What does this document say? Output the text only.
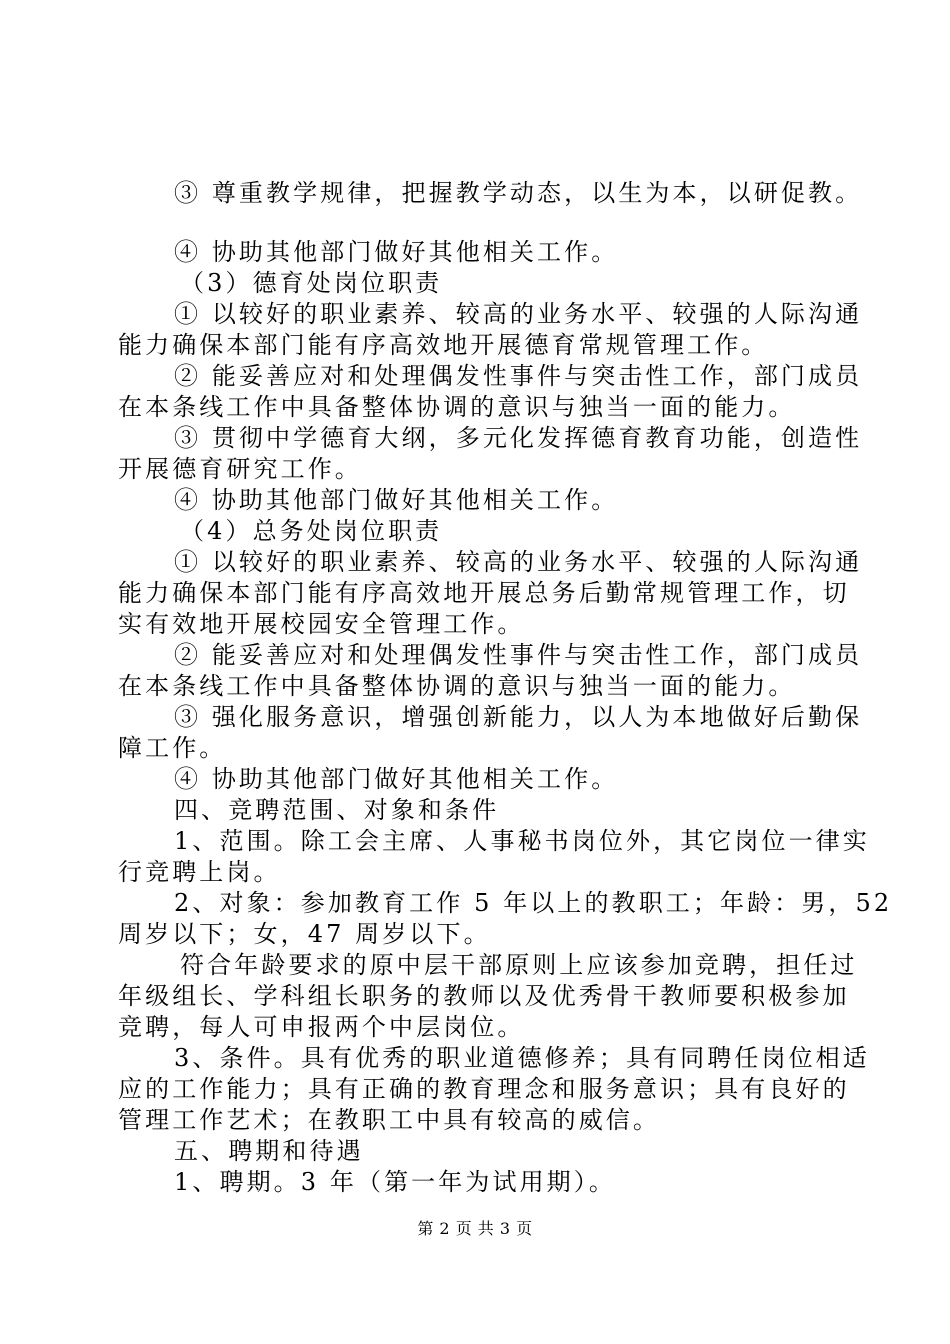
③ 尊重教学规律，把握教学动态，以生为本，以研促教。
④ 协助其他部门做好其他相关工作。
（3）德育处岗位职责
① 以较好的职业素养、较高的业务水平、较强的人际沟通
能力确保本部门能有序高效地开展德育常规管理工作。
② 能妥善应对和处理偶发性事件与突击性工作，部门成员
在本条线工作中具备整体协调的意识与独当一面的能力。
③ 贯彻中学德育大纲，多元化发挥德育教育功能，创造性
开展德育研究工作。
④ 协助其他部门做好其他相关工作。
（4）总务处岗位职责
① 以较好的职业素养、较高的业务水平、较强的人际沟通
能力确保本部门能有序高效地开展总务后勤常规管理工作，切
实有效地开展校园安全管理工作。
② 能妥善应对和处理偶发性事件与突击性工作，部门成员
在本条线工作中具备整体协调的意识与独当一面的能力。
③ 强化服务意识，增强创新能力，以人为本地做好后勤保
障工作。
④ 协助其他部门做好其他相关工作。
四、竞聘范围、对象和条件
1、范围。除工会主席、人事秘书岗位外，其它岗位一律实
行竞聘上岗。
2、对象：参加教育工作 5 年以上的教职工；年龄：男，52
周岁以下；女，47 周岁以下。
符合年龄要求的原中层干部原则上应该参加竞聘，担任过
年级组长、学科组长职务的教师以及优秀骨干教师要积极参加
竞聘，每人可申报两个中层岗位。
3、条件。具有优秀的职业道德修养；具有同聘任岗位相适
应的工作能力；具有正确的教育理念和服务意识；具有良好的
管理工作艺术；在教职工中具有较高的威信。
五、聘期和待遇
1、聘期。3 年（第一年为试用期）。
第 2 页 共 3 页
